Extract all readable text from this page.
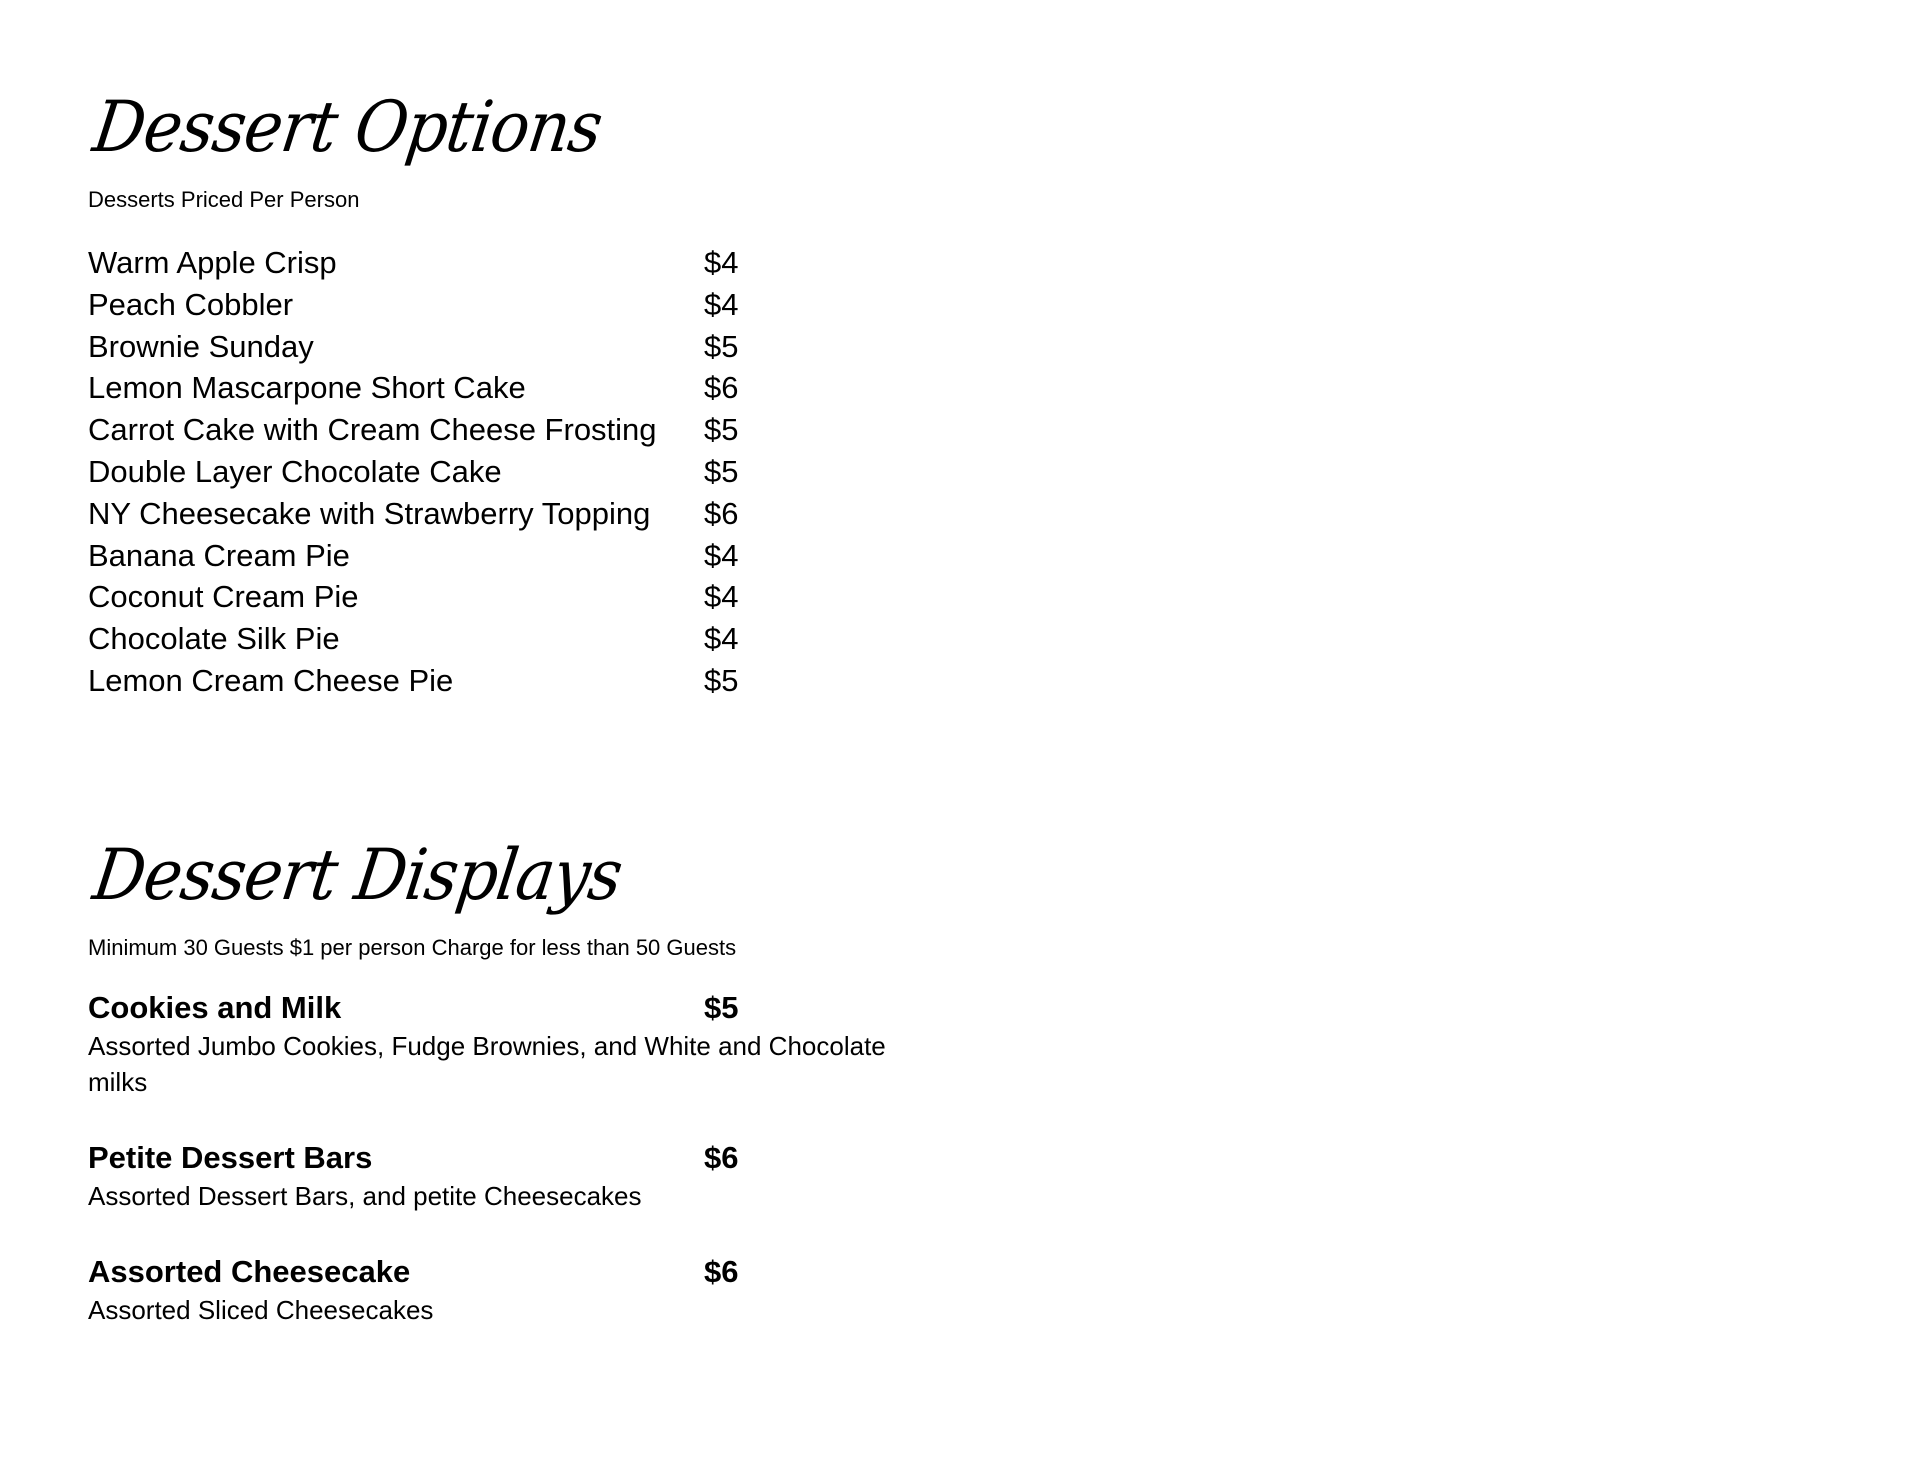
Dessert Options
Desserts Priced Per Person
Warm Apple Crisp	$4
Peach Cobbler	$4
Brownie Sunday	$5
Lemon Mascarpone Short Cake	$6
Carrot Cake with Cream Cheese Frosting $5
Double Layer Chocolate Cake	$5
NY Cheesecake with Strawberry Topping $6
Banana Cream Pie	$4
Coconut Cream Pie	$4
Chocolate Silk Pie	$4
Lemon Cream Cheese Pie	$5
Dessert Displays
Minimum 30 Guests $1 per person Charge for less than 50 Guests
Cookies and Milk	$5
Assorted Jumbo Cookies, Fudge Brownies, and White and Chocolate milks
Petite Dessert Bars	$6
Assorted Dessert Bars, and petite Cheesecakes
Assorted Cheesecake	$6
Assorted Sliced Cheesecakes
